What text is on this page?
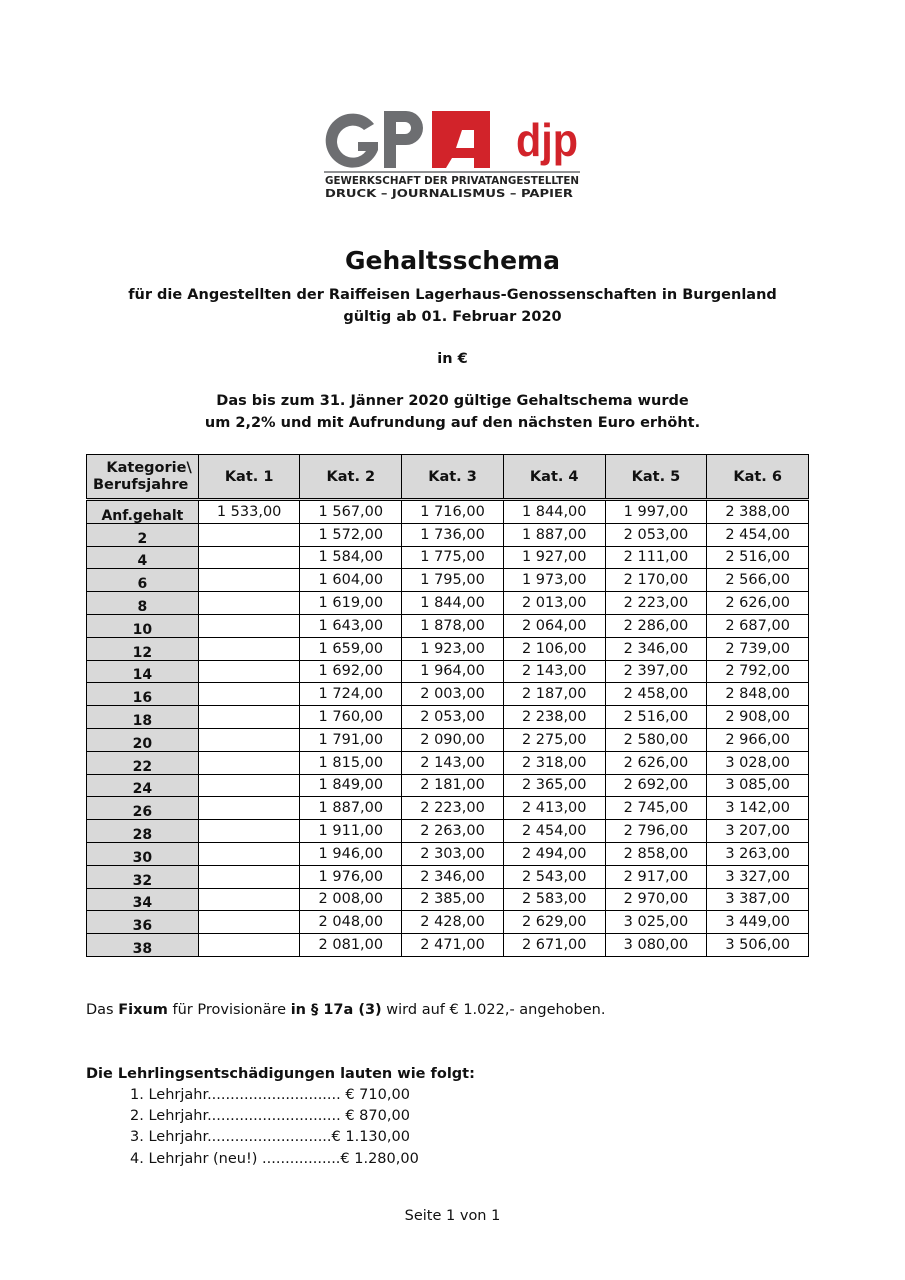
djp
GEWERKSCHAFT DER PRIVATANGESTELLTEN
DRUCK – JOURNALISMUS – PAPIER
Gehaltsschema
für die Angestellten der Raiffeisen Lagerhaus-Genossenschaften in Burgenland
gültig ab 01. Februar 2020
in €
Das bis zum 31. Jänner 2020 gültige Gehaltschema wurde
um 2,2% und mit Aufrundung auf den nächsten Euro erhöht.
Kategorie\
Berufsjahre	Kat. 1	Kat. 2	Kat. 3	Kat. 4	Kat. 5	Kat. 6
Anf.gehalt	1 533,00	1 567,00	1 716,00	1 844,00	1 997,00	2 388,00
2		1 572,00	1 736,00	1 887,00	2 053,00	2 454,00
4		1 584,00	1 775,00	1 927,00	2 111,00	2 516,00
6		1 604,00	1 795,00	1 973,00	2 170,00	2 566,00
8		1 619,00	1 844,00	2 013,00	2 223,00	2 626,00
10		1 643,00	1 878,00	2 064,00	2 286,00	2 687,00
12		1 659,00	1 923,00	2 106,00	2 346,00	2 739,00
14		1 692,00	1 964,00	2 143,00	2 397,00	2 792,00
16		1 724,00	2 003,00	2 187,00	2 458,00	2 848,00
18		1 760,00	2 053,00	2 238,00	2 516,00	2 908,00
20		1 791,00	2 090,00	2 275,00	2 580,00	2 966,00
22		1 815,00	2 143,00	2 318,00	2 626,00	3 028,00
24		1 849,00	2 181,00	2 365,00	2 692,00	3 085,00
26		1 887,00	2 223,00	2 413,00	2 745,00	3 142,00
28		1 911,00	2 263,00	2 454,00	2 796,00	3 207,00
30		1 946,00	2 303,00	2 494,00	2 858,00	3 263,00
32		1 976,00	2 346,00	2 543,00	2 917,00	3 327,00
34		2 008,00	2 385,00	2 583,00	2 970,00	3 387,00
36		2 048,00	2 428,00	2 629,00	3 025,00	3 449,00
38		2 081,00	2 471,00	2 671,00	3 080,00	3 506,00
Das Fixum für Provisionäre in § 17a (3) wird auf € 1.022,- angehoben.
Die Lehrlingsentschädigungen lauten wie folgt:
1. Lehrjahr............................. € 710,00
2. Lehrjahr............................. € 870,00
3. Lehrjahr...........................€ 1.130,00
4. Lehrjahr (neu!) .................€ 1.280,00
Seite 1 von 1
